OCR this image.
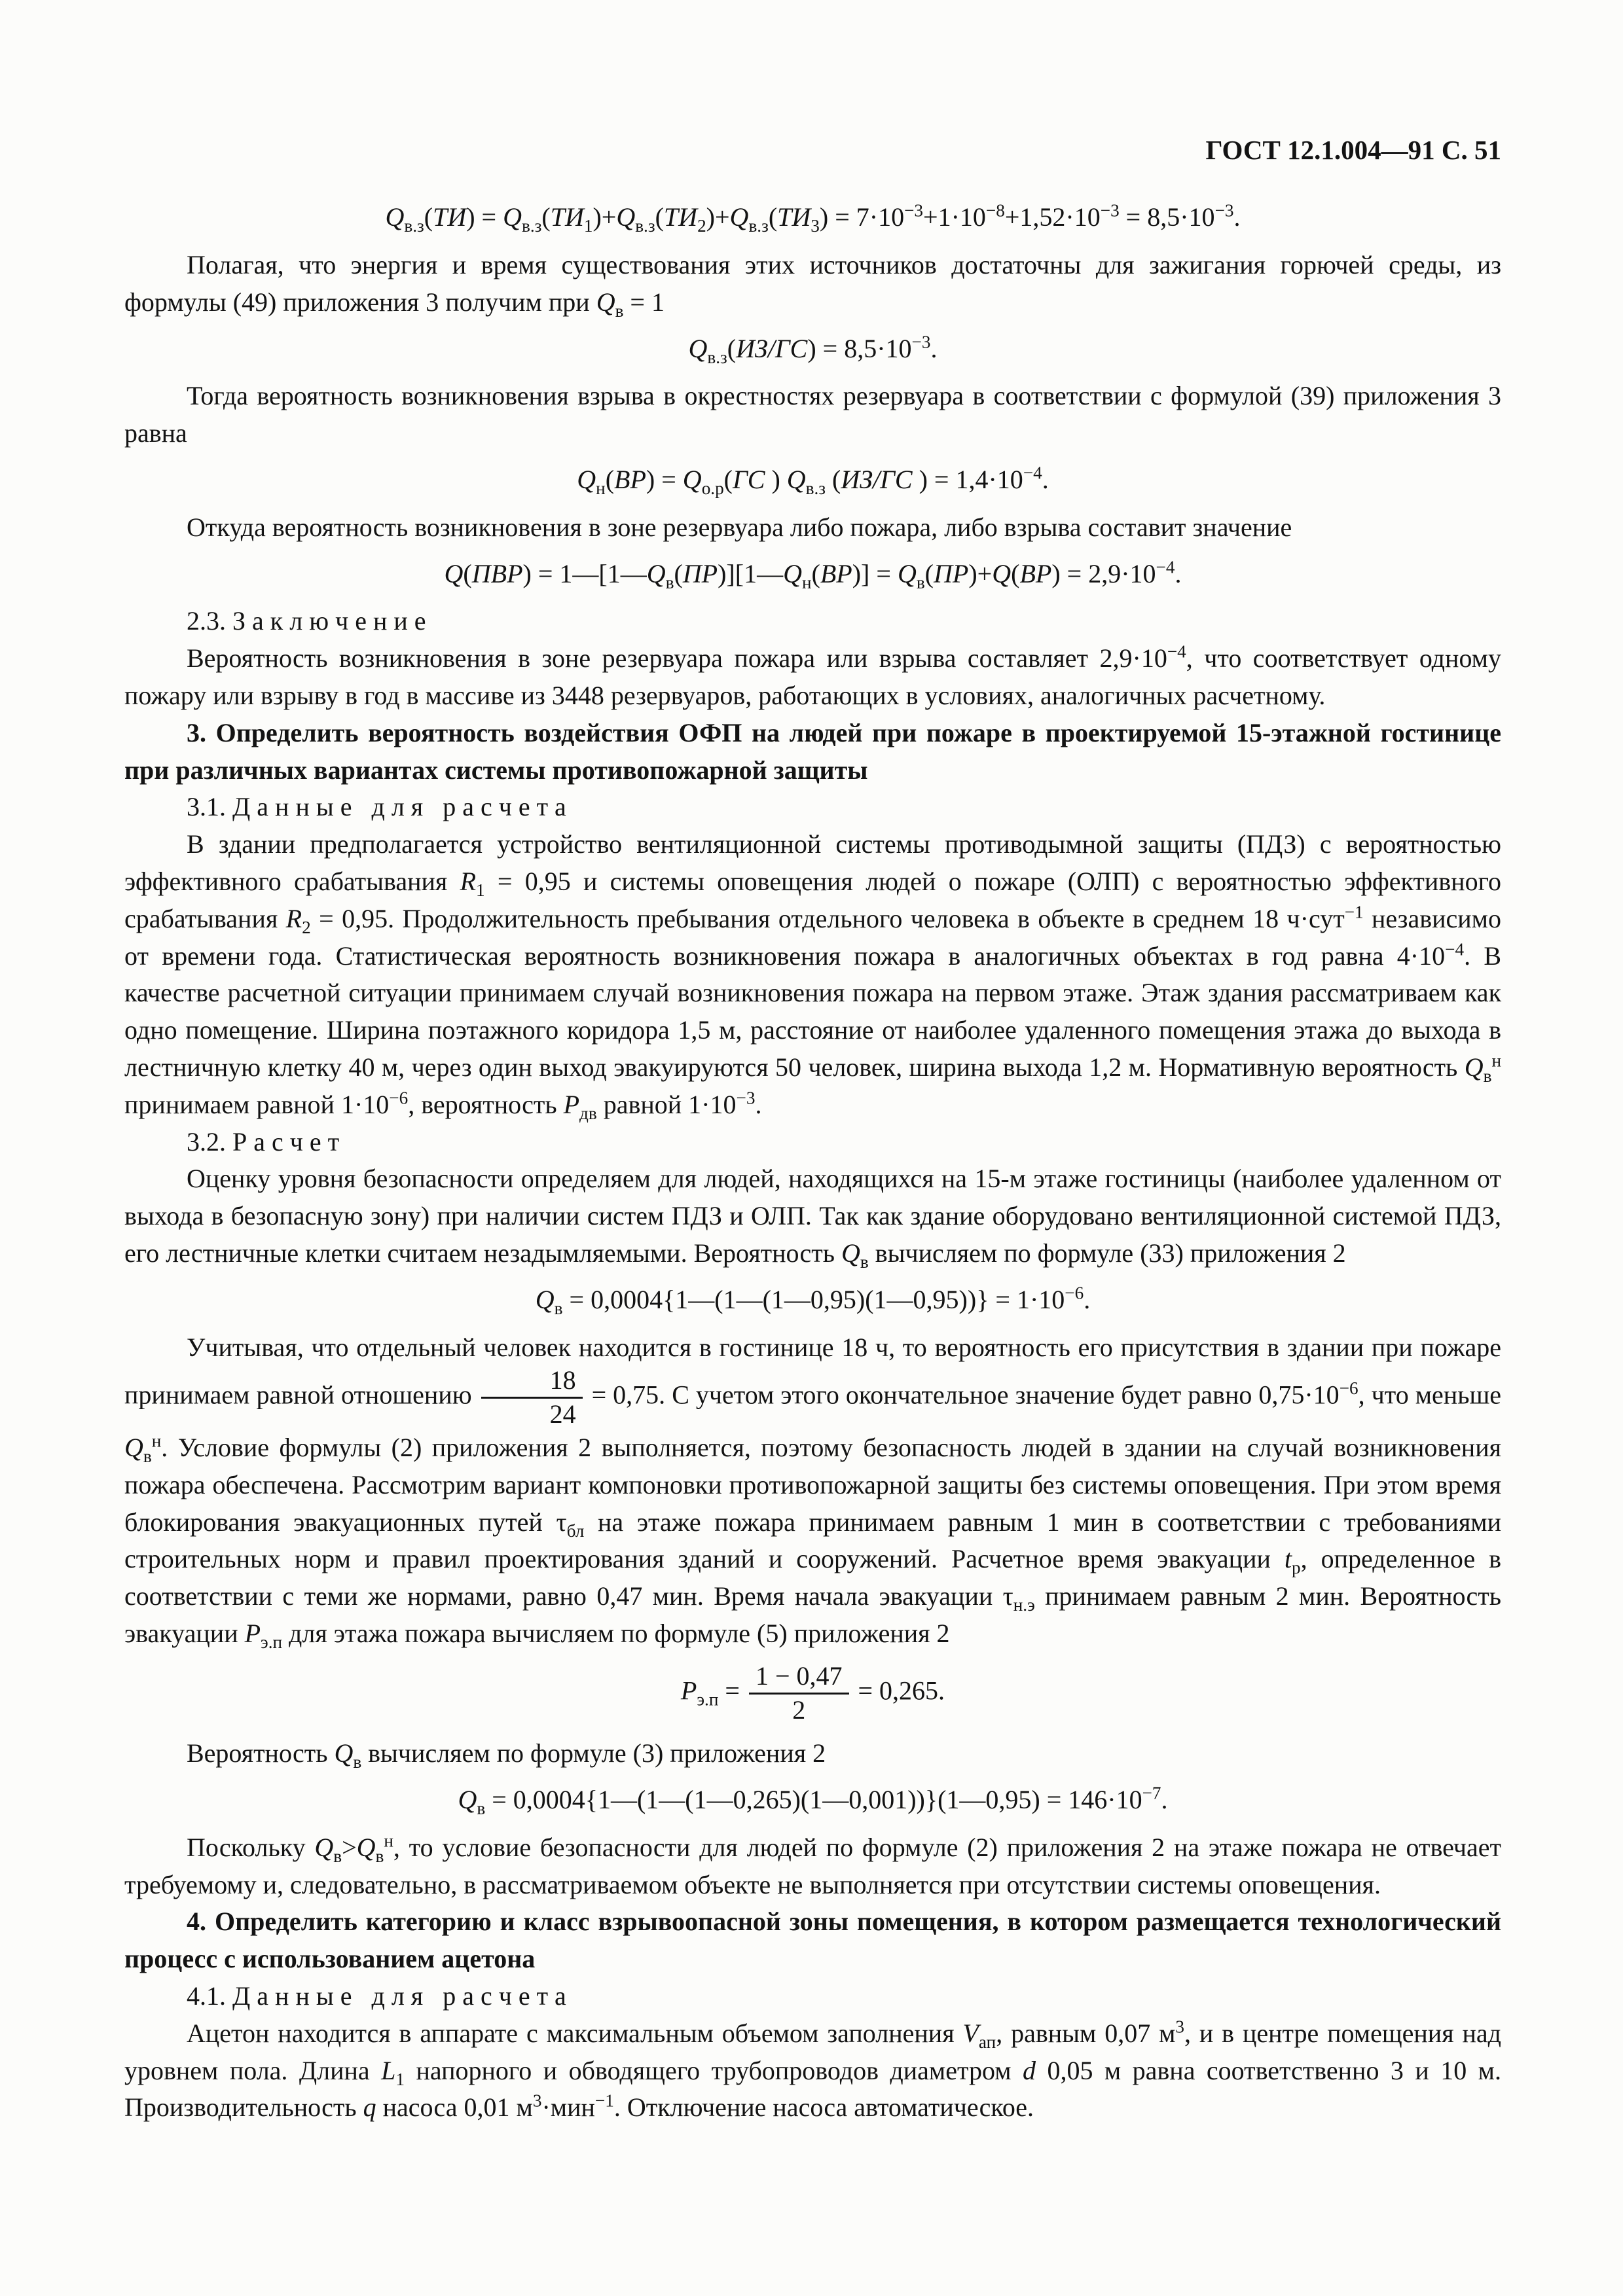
ГОСТ 12.1.004—91 С. 51
$Q_{в.з}(ТИ) = Q_{в.з}(ТИ_1)+Q_{в.з}(ТИ_2)+Q_{в.з}(ТИ_3) = 7\cdot 10^{-3}+1\cdot 10^{-8}+1,52\cdot 10^{-3} = 8,5\cdot 10^{-3}$.
Полагая, что энергия и время существования этих источников достаточны для зажигания горючей среды, из формулы (49) приложения 3 получим при $Q_в = 1$
$Q_{в.з}(ИЗ/ГС) = 8,5\cdot 10^{-3}$.
Тогда вероятность возникновения взрыва в окрестностях резервуара в соответствии с формулой (39) приложения 3 равна
$Q_н(ВР) = Q_{о.р}(ГС$ ) $Q_{в.з}$ (ИЗ/ГС ) = $1,4\cdot 10^{-4}$.
Откуда вероятность возникновения в зоне резервуара либо пожара, либо взрыва составит значение
$Q(ПВР) = 1—[1—Q_в(ПР)][1—Q_н(ВР)] = Q_в(ПР)+Q(ВР) = 2,9\cdot 10^{-4}$.
2.3. З а к л ю ч е н и е
Вероятность возникновения в зоне резервуара пожара или взрыва составляет $2,9\cdot 10^{-4}$, что соответствует одному пожару или взрыву в год в массиве из 3448 резервуаров, работающих в условиях, аналогичных расчетному.
3. Определить вероятность воздействия ОФП на людей при пожаре в проектируемой 15-этажной гостинице при различных вариантах системы противопожарной защиты
3.1. Д а н н ы е   д л я   р а с ч е т а
В здании предполагается устройство вентиляционной системы противодымной защиты (ПДЗ) с вероятностью эффективного срабатывания $R_1 = 0,95$ и системы оповещения людей о пожаре (ОЛП) с вероятностью эффективного срабатывания $R_2 = 0,95$. Продолжительность пребывания отдельного человека в объекте в среднем 18 ч·сут$^{-1}$ независимо от времени года. Статистическая вероятность возникновения пожара в аналогичных объектах в год равна $4\cdot 10^{-4}$. В качестве расчетной ситуации принимаем случай возникновения пожара на первом этаже. Этаж здания рассматриваем как одно помещение. Ширина поэтажного коридора 1,5 м, расстояние от наиболее удаленного помещения этажа до выхода в лестничную клетку 40 м, через один выход эвакуируются 50 человек, ширина выхода 1,2 м. Нормативную вероятность $Q_в^н$ принимаем равной $1\cdot 10^{-6}$, вероятность $Р_{дв}$ равной $1\cdot 10^{-3}$.
3.2. Р а с ч е т
Оценку уровня безопасности определяем для людей, находящихся на 15-м этаже гостиницы (наиболее удаленном от выхода в безопасную зону) при наличии систем ПДЗ и ОЛП. Так как здание оборудовано вентиляционной системой ПДЗ, его лестничные клетки считаем незадымляемыми. Вероятность $Q_в$ вычисляем по формуле (33) приложения 2
$Q_в$ = 0,0004{1—(1—(1—0,95)(1—0,95))} = $1\cdot 10^{-6}$.
Учитывая, что отдельный человек находится в гостинице 18 ч, то вероятность его присутствия в здании при пожаре принимаем равной отношению $\frac{18}{24} = 0,75$. С учетом этого окончательное значение будет равно $0,75\cdot 10^{-6}$, что меньше $Q_в^н$. Условие формулы (2) приложения 2 выполняется, поэтому безопасность людей в здании на случай возникновения пожара обеспечена. Рассмотрим вариант компоновки противопожарной защиты без системы оповещения. При этом время блокирования эвакуационных путей $\tau_{бл}$ на этаже пожара принимаем равным 1 мин в соответствии с требованиями строительных норм и правил проектирования зданий и сооружений. Расчетное время эвакуации $t_р$, определенное в соответствии с теми же нормами, равно 0,47 мин. Время начала эвакуации $\tau_{н.э}$ принимаем равным 2 мин. Вероятность эвакуации $Р_{э.п}$ для этажа пожара вычисляем по формуле (5) приложения 2
$Р_{э.п} = \frac{1 - 0,47}{2} = 0,265$.
Вероятность $Q_в$ вычисляем по формуле (3) приложения 2
$Q_в$ = 0,0004{1—(1—(1—0,265)(1—0,001))}(1—0,95) = $146\cdot 10^{-7}$.
Поскольку $Q_в>Q_в^н$, то условие безопасности для людей по формуле (2) приложения 2 на этаже пожара не отвечает требуемому и, следовательно, в рассматриваемом объекте не выполняется при отсутствии системы оповещения.
4. Определить категорию и класс взрывоопасной зоны помещения, в котором размещается технологический процесс с использованием ацетона
4.1. Д а н н ы е   д л я   р а с ч е т а
Ацетон находится в аппарате с максимальным объемом заполнения $V_{ап}$, равным 0,07 $м^3$, и в центре помещения над уровнем пола. Длина $L_1$ напорного и обводящего трубопроводов диаметром d 0,05 м равна соответственно 3 и 10 м. Производительность q насоса 0,01 $м^3\cdot мин^{-1}$. Отключение насоса автоматическое.
